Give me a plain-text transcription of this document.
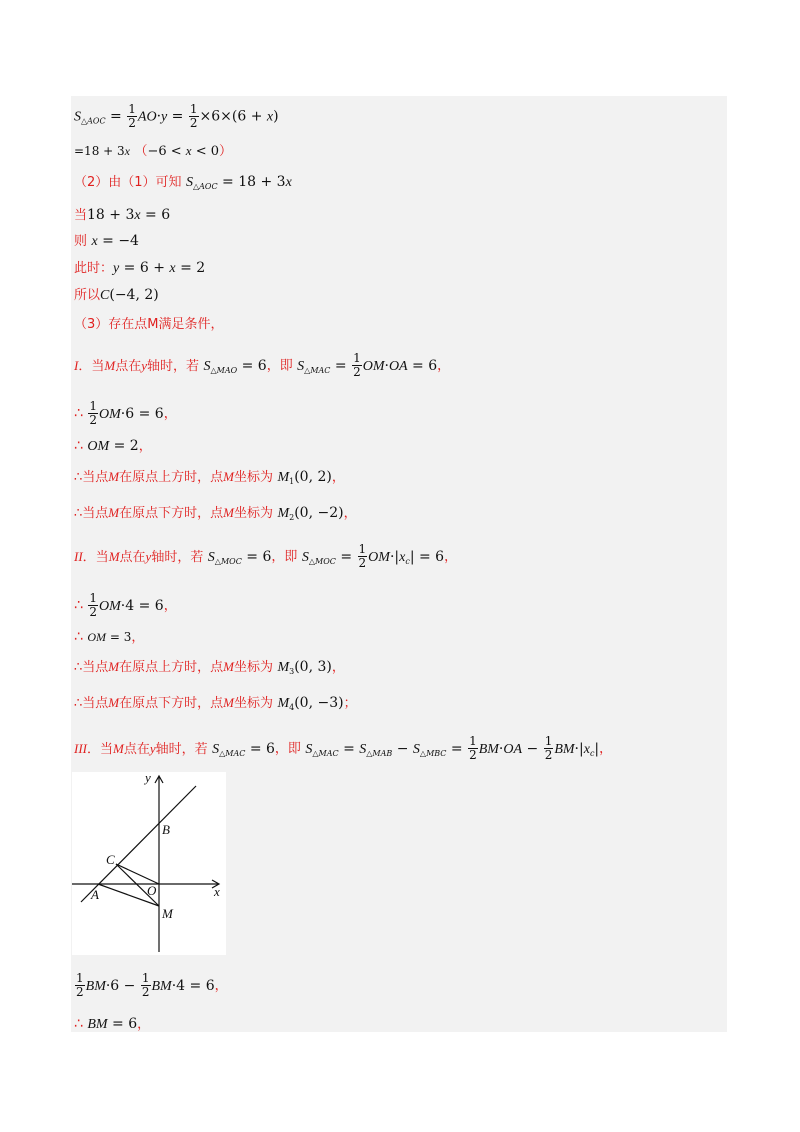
$S_{\triangle AOC} = \frac{1}{2} AO\cdot y = \frac{1}{2} \times 6\times(6 + x)$
=18 + 3x （−6 < x < 0）
（2）由（1）可知 $S_{\triangle AOC} = 18 + 3x$
当18 + 3x = 6
则 x = −4
此时：y = 6 + x = 2
所以C(−4, 2)
（3）存在点M满足条件，
I．当M点在y轴时，若 $S_{\triangle MAO} = 6$，即 $S_{\triangle MAC} = \frac{1}{2} OM\cdot OA = 6$，
∴ $\frac{1}{2} OM\cdot 6 = 6$，
∴ OM = 2，
∴当点M在原点上方时，点M坐标为 $M_1(0$, 2)，
∴当点M在原点下方时，点M坐标为 $M_2(0$, −2)，
II．当M点在y轴时，若 $S_{\triangle MOC} = 6$，即 $S_{\triangle MOC} = \frac{1}{2} OM\cdot|x_c| = 6$，
∴ $\frac{1}{2} OM\cdot 4 = 6$，
∴ OM = 3，
∴当点M在原点上方时，点M坐标为 $M_3(0$, 3)，
∴当点M在原点下方时，点M坐标为 $M_4(0$, −3)；
III．当M点在y轴时，若 $S_{\triangle MAC} = 6$，即 $S_{\triangle MAC} = S_{\triangle MAB} - S_{\triangle MBC} = \frac{1}{2} BM\cdot OA - \frac{1}{2} BM\cdot|x_c|$，
y
x
B
C
O
A
M
$\frac{1}{2} BM\cdot 6 - \frac{1}{2} BM\cdot 4 = 6$，
∴ BM = 6，
